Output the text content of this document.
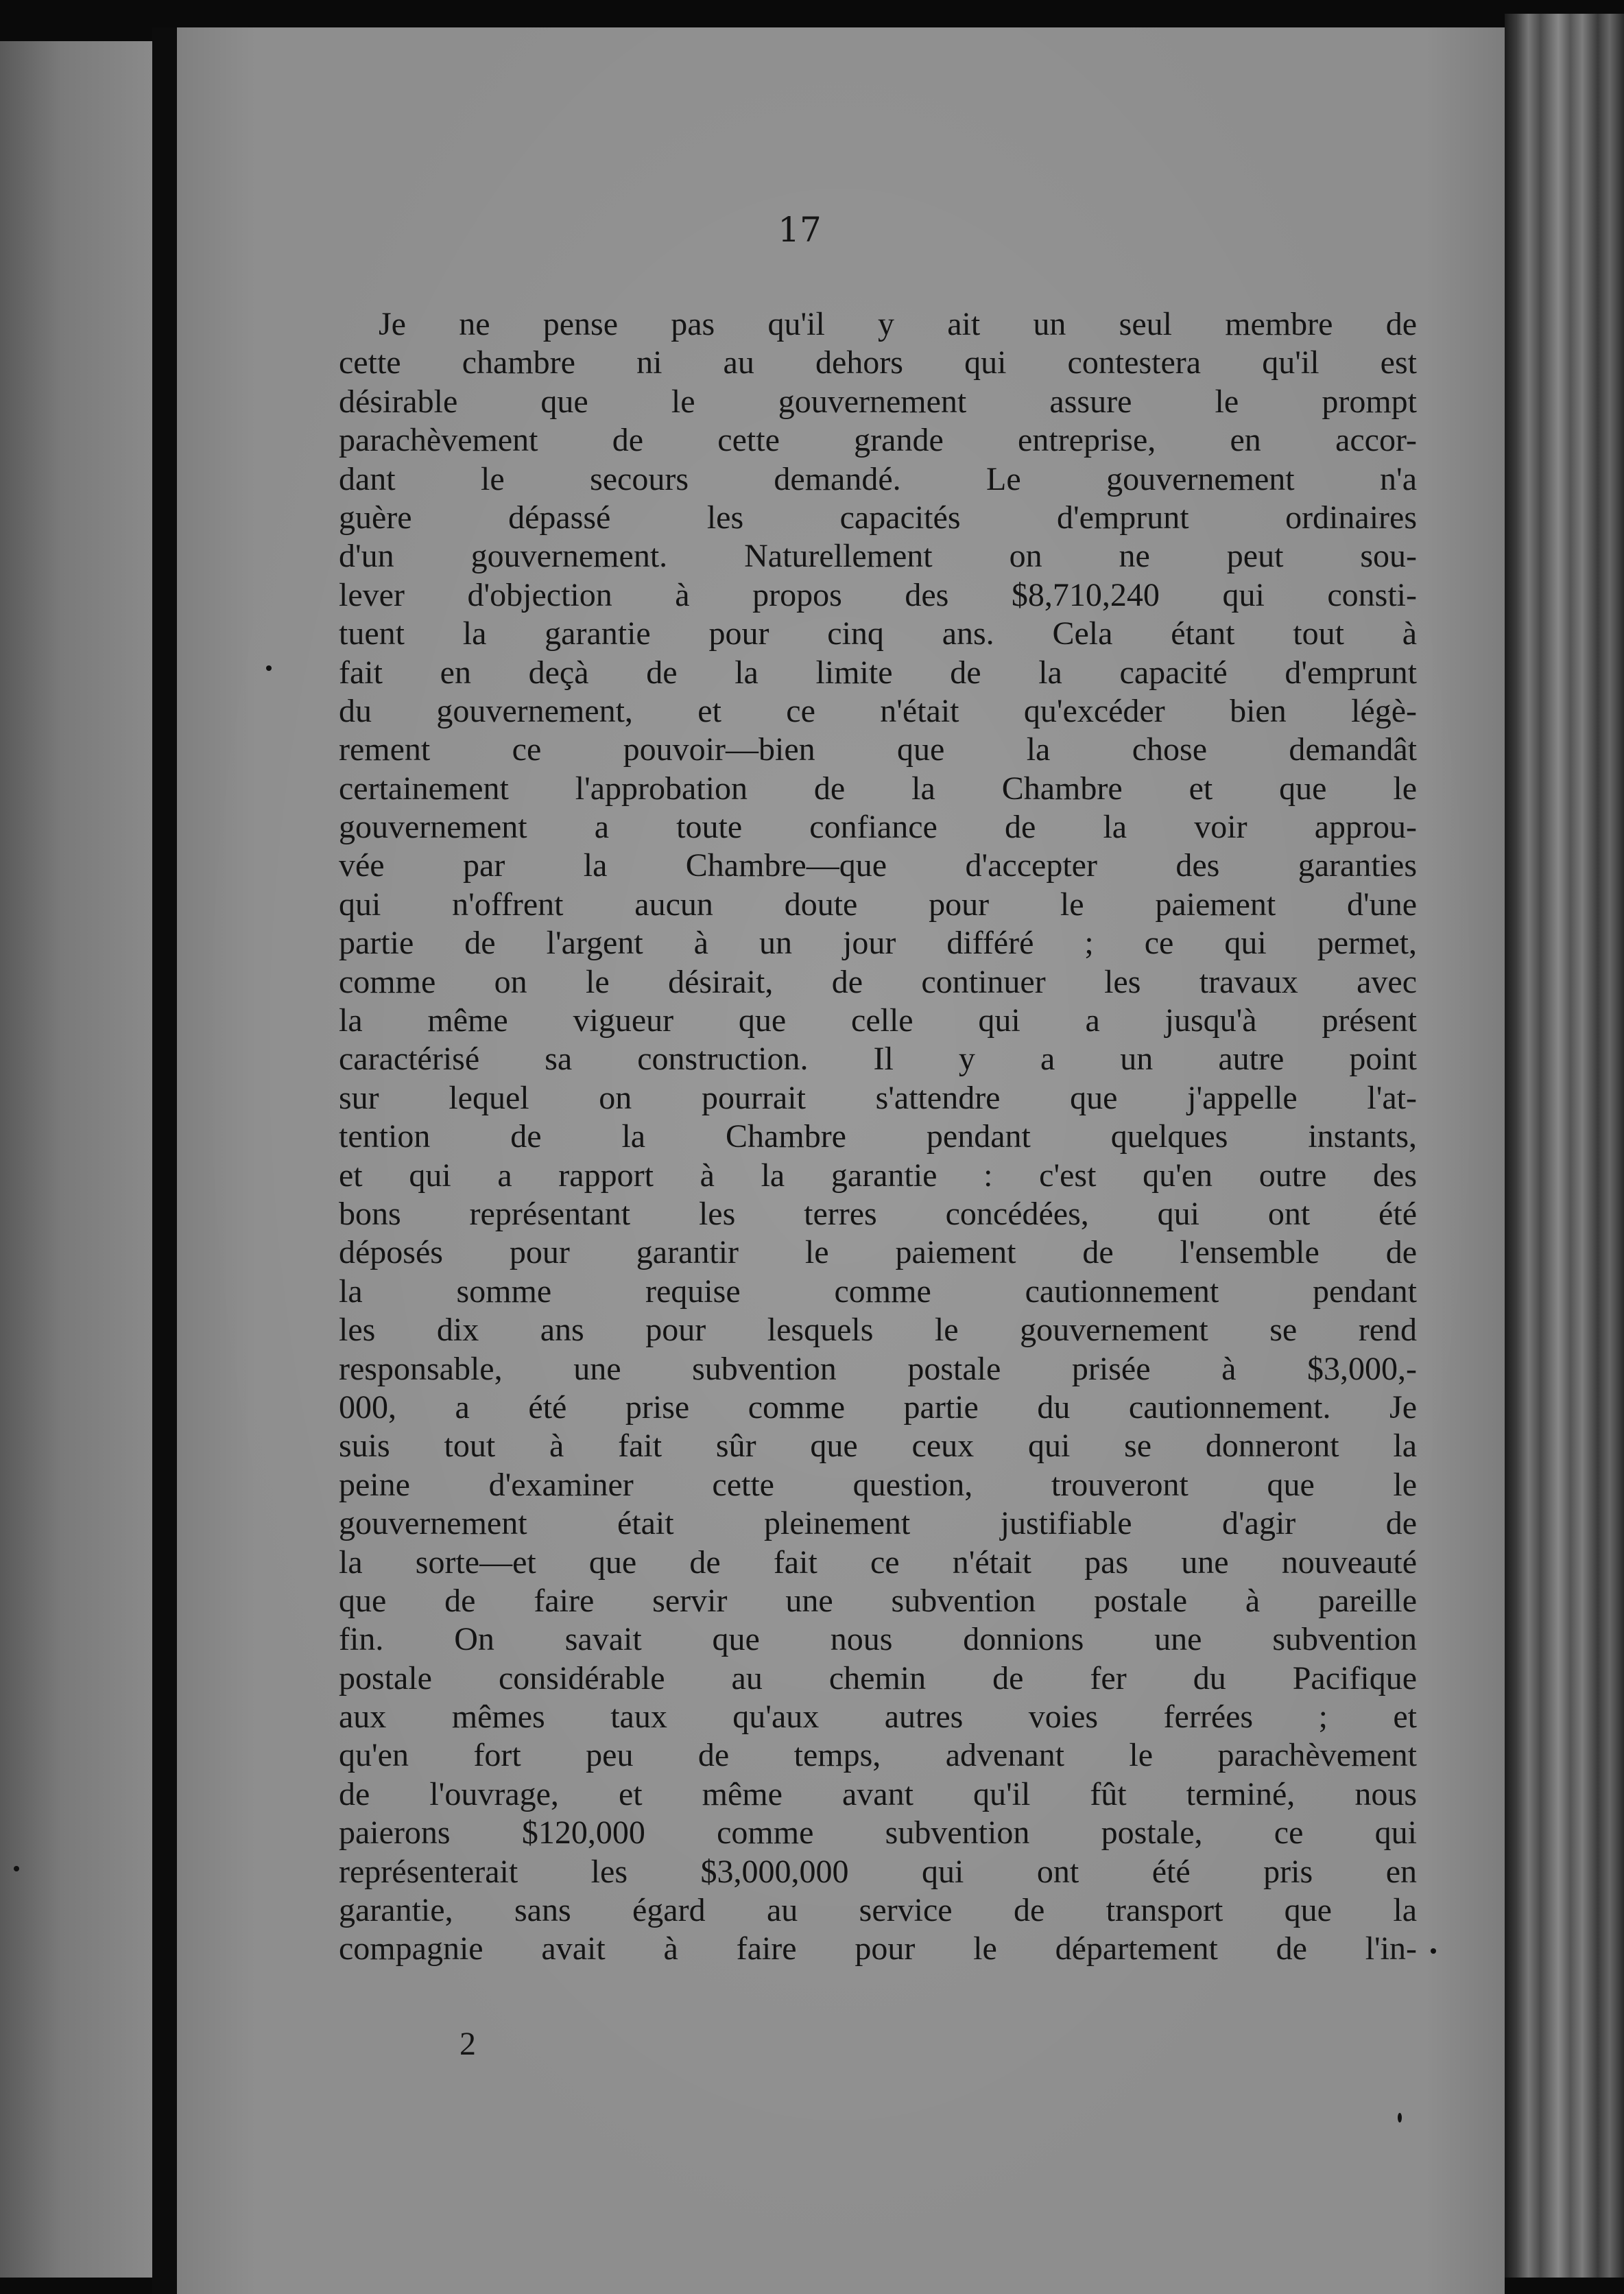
17
Je ne pense pas qu'il y ait un seul membre de
cette chambre ni au dehors qui contestera qu'il est
désirable que le gouvernement assure le prompt
parachèvement de cette grande entreprise, en accor-
dant le secours demandé. Le gouvernement n'a
guère dépassé les capacités d'emprunt ordinaires
d'un gouvernement. Naturellement on ne peut sou-
lever d'objection à propos des $8,710,240 qui consti-
tuent la garantie pour cinq ans. Cela étant tout à
fait en deçà de la limite de la capacité d'emprunt
du gouvernement, et ce n'était qu'excéder bien légè-
rement ce pouvoir—bien que la chose demandât
certainement l'approbation de la Chambre et que le
gouvernement a toute confiance de la voir approu-
vée par la Chambre—que d'accepter des garanties
qui n'offrent aucun doute pour le paiement d'une
partie de l'argent à un jour différé ; ce qui permet,
comme on le désirait, de continuer les travaux avec
la même vigueur que celle qui a jusqu'à présent
caractérisé sa construction. Il y a un autre point
sur lequel on pourrait s'attendre que j'appelle l'at-
tention de la Chambre pendant quelques instants,
et qui a rapport à la garantie : c'est qu'en outre des
bons représentant les terres concédées, qui ont été
déposés pour garantir le paiement de l'ensemble de
la somme requise comme cautionnement pendant
les dix ans pour lesquels le gouvernement se rend
responsable, une subvention postale prisée à $3,000,-
000, a été prise comme partie du cautionnement. Je
suis tout à fait sûr que ceux qui se donneront la
peine d'examiner cette question, trouveront que le
gouvernement était pleinement justifiable d'agir de
la sorte—et que de fait ce n'était pas une nouveauté
que de faire servir une subvention postale à pareille
fin. On savait que nous donnions une subvention
postale considérable au chemin de fer du Pacifique
aux mêmes taux qu'aux autres voies ferrées ; et
qu'en fort peu de temps, advenant le parachèvement
de l'ouvrage, et même avant qu'il fût terminé, nous
paierons $120,000 comme subvention postale, ce qui
représenterait les $3,000,000 qui ont été pris en
garantie, sans égard au service de transport que la
compagnie avait à faire pour le département de l'in-
2
